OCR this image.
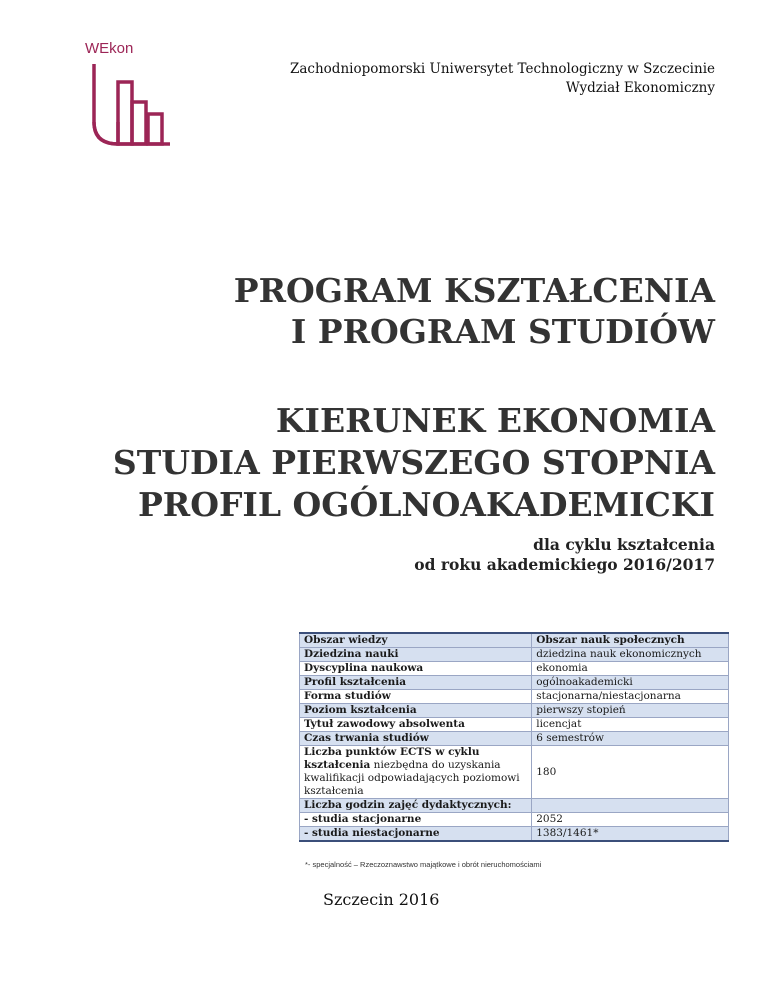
WEkon
Zachodniopomorski Uniwersytet Technologiczny w Szczecinie
Wydział Ekonomiczny
PROGRAM KSZTAŁCENIA
I PROGRAM STUDIÓW
KIERUNEK EKONOMIA
STUDIA PIERWSZEGO STOPNIA
PROFIL OGÓLNOAKADEMICKI
dla cyklu kształcenia
od roku akademickiego 2016/2017
Obszar wiedzy	Obszar nauk społecznych
Dziedzina nauki	dziedzina nauk ekonomicznych
Dyscyplina naukowa	ekonomia
Profil kształcenia	ogólnoakademicki
Forma studiów	stacjonarna/niestacjonarna
Poziom kształcenia	pierwszy stopień
Tytuł zawodowy absolwenta	licencjat
Czas trwania studiów	6 semestrów
Liczba punktów ECTS w cyklu
kształcenia niezbędna do uzyskania kwalifikacji odpowiadających poziomowi kształcenia	180
Liczba godzin zajęć dydaktycznych:	
- studia stacjonarne	2052
- studia niestacjonarne	1383/1461*
*- specjalność – Rzeczoznawstwo majątkowe i obrót nieruchomościami
Szczecin 2016
